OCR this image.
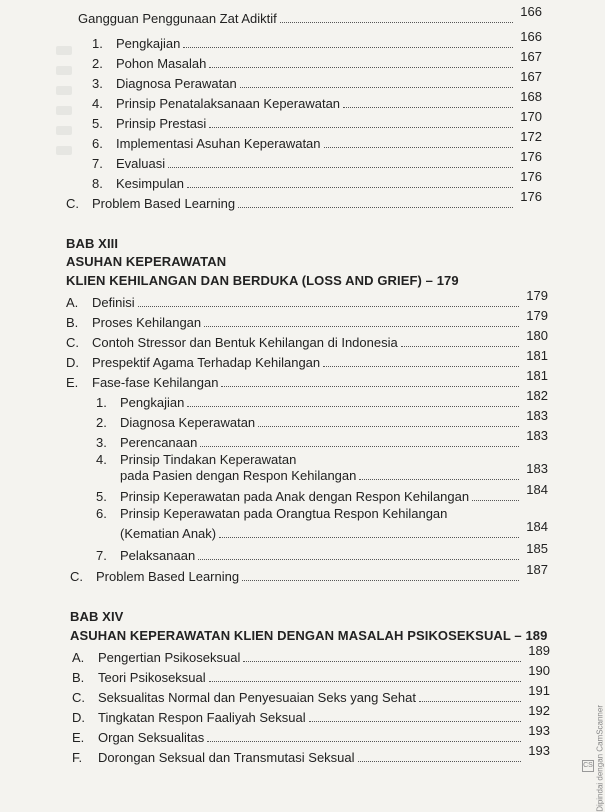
Gangguan Penggunaan Zat Adiktif	166
1.	Pengkajian	166
2.	Pohon Masalah	167
3.	Diagnosa Perawatan	167
4.	Prinsip Penatalaksanaan Keperawatan	168
5.	Prinsip Prestasi	170
6.	Implementasi Asuhan Keperawatan	172
7.	Evaluasi	176
8.	Kesimpulan	176
C.	Problem Based Learning	176
BAB XIII
ASUHAN KEPERAWATAN
KLIEN KEHILANGAN DAN BERDUKA (LOSS AND GRIEF) – 179
A.	Definisi	179
B.	Proses Kehilangan	179
C.	Contoh Stressor dan Bentuk Kehilangan di Indonesia	180
D.	Prespektif Agama Terhadap Kehilangan	181
E.	Fase-fase Kehilangan	181
1.	Pengkajian	182
2.	Diagnosa Keperawatan	183
3.	Perencanaan	183
4.	Prinsip Tindakan Keperawatan
pada Pasien dengan Respon Kehilangan	183
5.	Prinsip Keperawatan pada Anak dengan Respon Kehilangan	184
6.	Prinsip Keperawatan pada Orangtua Respon Kehilangan
(Kematian Anak)	184
7.	Pelaksanaan	185
C.	Problem Based Learning	187
BAB XIV
ASUHAN KEPERAWATAN KLIEN DENGAN MASALAH PSIKOSEKSUAL – 189
A.	Pengertian Psikoseksual	189
B.	Teori Psikoseksual	190
C.	Seksualitas Normal dan Penyesuaian Seks yang Sehat	191
D.	Tingkatan Respon Faaliyah Seksual	192
E.	Organ Seksualitas	193
F.	Dorongan Seksual dan Transmutasi Seksual	193	Dipindai dengan CamScanner
CS
